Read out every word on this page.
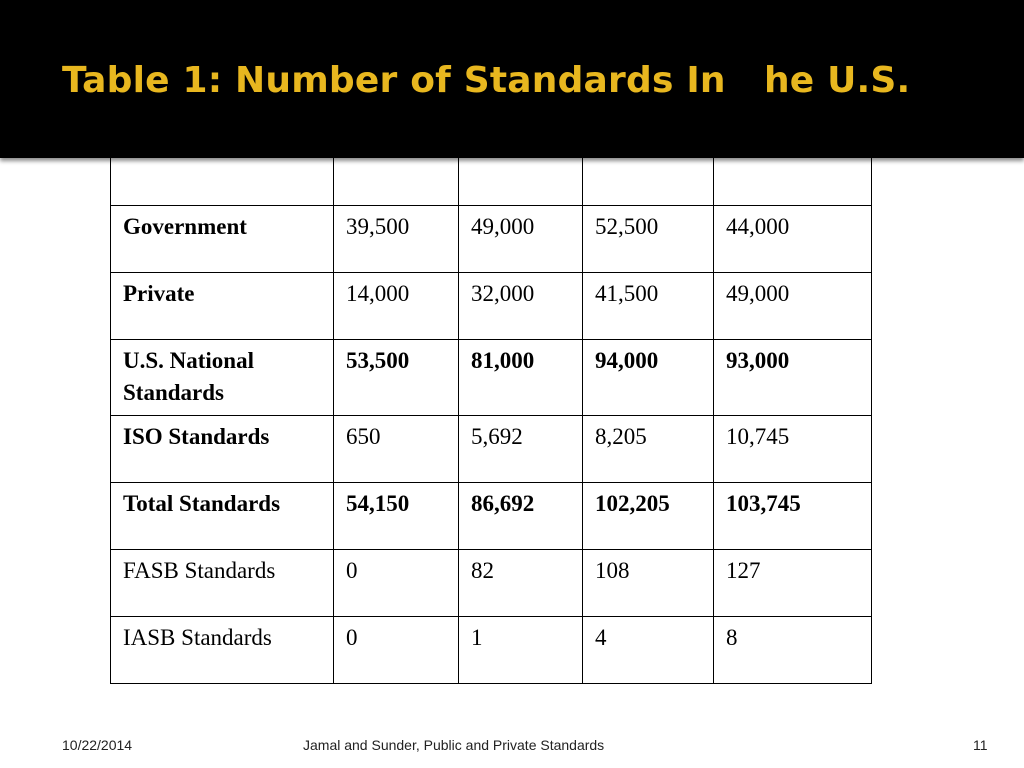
Government	39,500	49,000	52,500	44,000
Private	14,000	32,000	41,500	49,000
U.S. National Standards	53,500	81,000	94,000	93,000
ISO Standards	650	5,692	8,205	10,745
Total Standards	54,150	86,692	102,205	103,745
FASB Standards	0	82	108	127
IASB Standards	0	1	4	8
Table 1: Number of Standards In   he U.S.
10/22/2014	Jamal and Sunder, Public and Private Standards	11
